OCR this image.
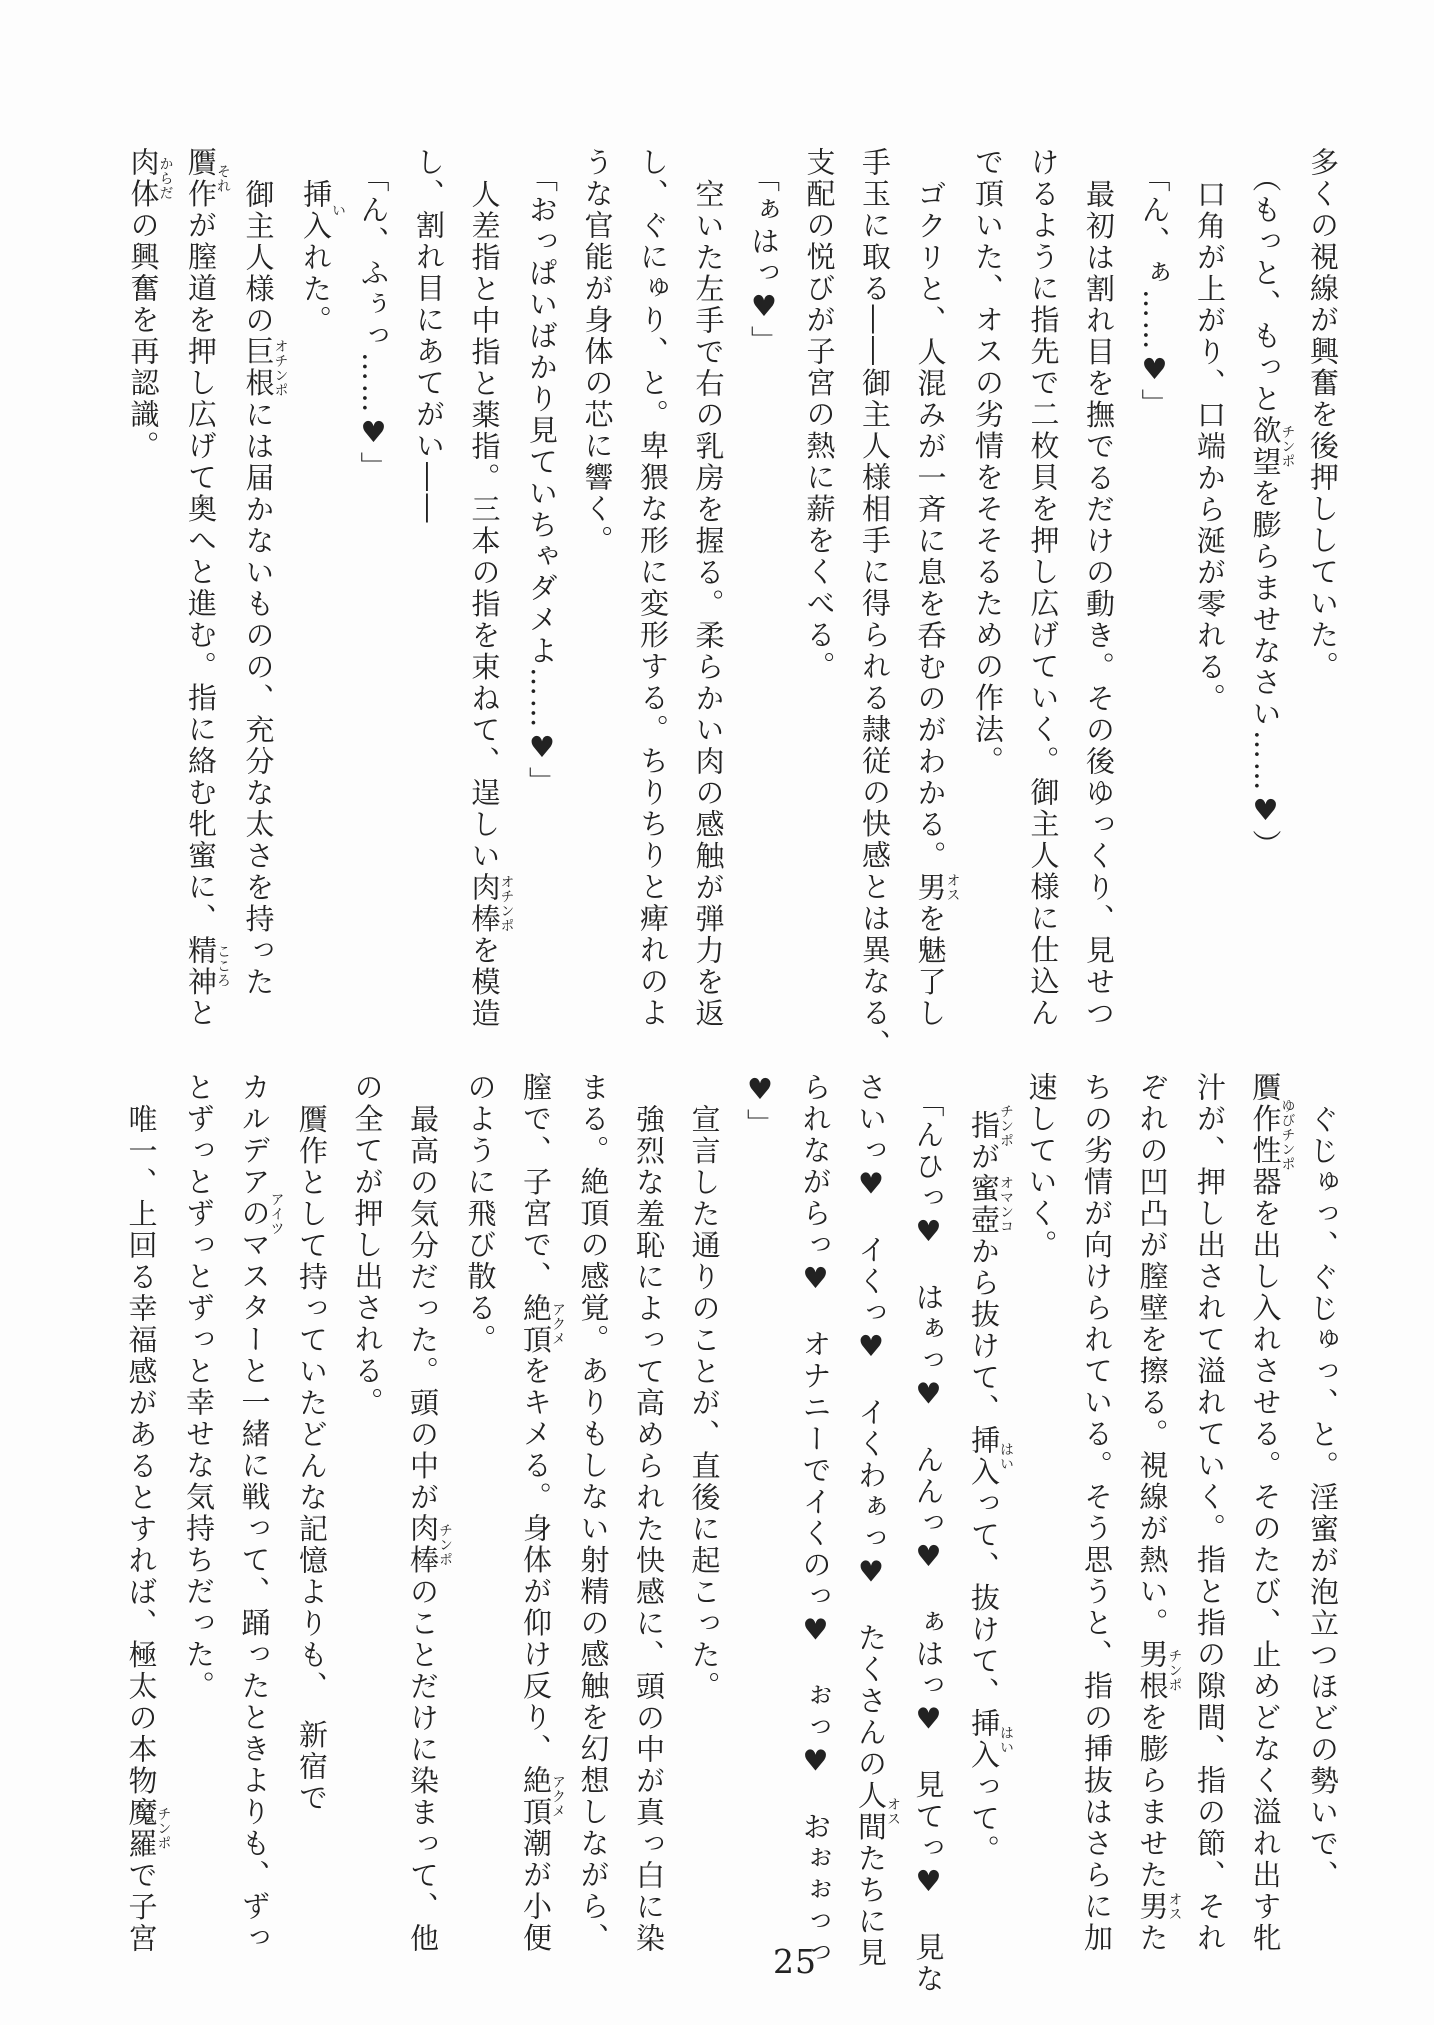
多くの視線が興奮を後押ししていた。
（もっと、もっと欲望チンポを膨らませなさい……♥）
口角が上がり、口端から涎が零れる。
「ん、ぁ……♥」
最初は割れ目を撫でるだけの動き。その後ゆっくり、見せつ
けるように指先で二枚貝を押し広げていく。御主人様に仕込ん
で頂いた、オスの劣情をそそるための作法。
ゴクリと、人混みが一斉に息を呑むのがわかる。男オスを魅了し
手玉に取る――御主人様相手に得られる隷従の快感とは異なる、
支配の悦びが子宮の熱に薪をくべる。
「ぁはっ♥」
空いた左手で右の乳房を握る。柔らかい肉の感触が弾力を返
し、ぐにゅり、と。卑猥な形に変形する。ちりちりと痺れのよ
うな官能が身体の芯に響く。
「おっぱいばかり見ていちゃダメよ……♥」
人差指と中指と薬指。三本の指を束ねて、逞しい肉棒オチンポを模造
し、割れ目にあてがい――
「ん、ふぅっ……♥」
挿入いれた。
御主人様の巨根オチンポには届かないものの、充分な太さを持った
贋作それが膣道を押し広げて奥へと進む。指に絡む牝蜜に、精神こころと
肉体からだの興奮を再認識。
ぐじゅっ、ぐじゅっ、と。淫蜜が泡立つほどの勢いで、
贋作性器ゆびチンポを出し入れさせる。そのたび、止めどなく溢れ出す牝
汁が、押し出されて溢れていく。指と指の隙間、指の節、それ
ぞれの凹凸が膣壁を擦る。視線が熱い。男根チンポを膨らませた男オスた
ちの劣情が向けられている。そう思うと、指の挿抜はさらに加
速していく。
指チンポが蜜壺オマンコから抜けて、挿入はいって、抜けて、挿入はいって。
「んひっ♥　はぁっ♥　んんっ♥　ぁはっ♥　見てっ♥　見な
さいっ♥　イくっ♥　イくわぁっ♥　たくさんの人間オスたちに見
られながらっ♥　オナニーでイくのっ♥　ぉっ♥　おぉぉっっ
♥」
宣言した通りのことが、直後に起こった。
強烈な羞恥によって高められた快感に、頭の中が真っ白に染
まる。絶頂の感覚。ありもしない射精の感触を幻想しながら、
膣で、子宮で、絶頂アクメをキメる。身体が仰け反り、絶頂アクメ潮が小便
のように飛び散る。
最高の気分だった。頭の中が肉棒チンポのことだけに染まって、他
の全てが押し出される。
贋作として持っていたどんな記憶よりも、　新宿で
カルデアのマスターアイツと一緒に戦って、踊ったときよりも、ずっ
とずっとずっとずっと幸せな気持ちだった。
唯一、上回る幸福感があるとすれば、極太の本物魔羅チンポで子宮
25
